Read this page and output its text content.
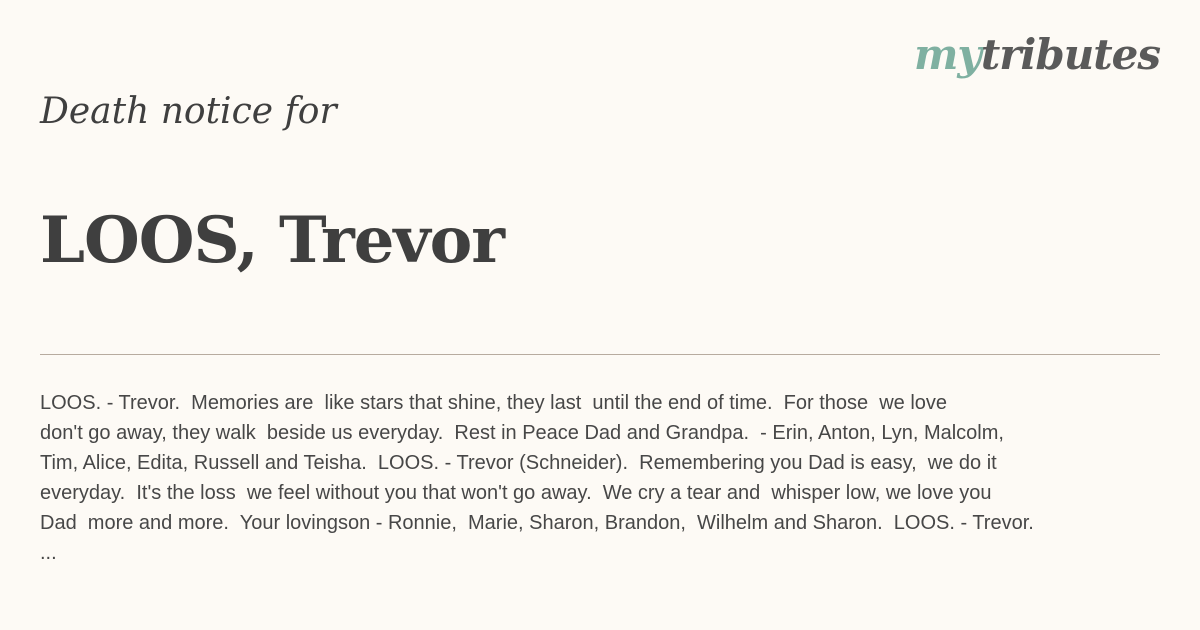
mytributes
Death notice for
LOOS, Trevor
LOOS. - Trevor.  Memories are  like stars that shine, they last  until the end of time.  For those  we love
don't go away, they walk  beside us everyday.  Rest in Peace Dad and Grandpa.  - Erin, Anton, Lyn, Malcolm,
Tim, Alice, Edita, Russell and Teisha.  LOOS. - Trevor (Schneider).  Remembering you Dad is easy,  we do it
everyday.  It's the loss  we feel without you that won't go away.  We cry a tear and  whisper low, we love you
Dad  more and more.  Your lovingson - Ronnie,  Marie, Sharon, Brandon,  Wilhelm and Sharon.  LOOS. - Trevor.
...
